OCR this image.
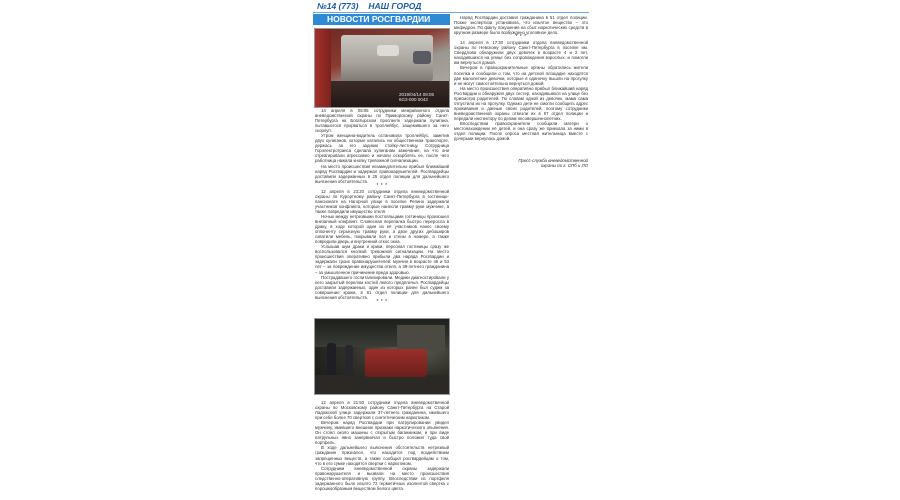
№14 (773) НАШ ГОРОД
НОВОСТИ РОСГВАРДИИ
2019/04/14 08:05
6G3-000 0043

14 апреля в 08:05 сотрудники межрайонного отдела вневедомственной охраны по Приморскому району Санкт-Петербурга на Богатырском проспекте задержали хулигана, пытавшегося прорваться в троллейбус, защемившего за него скорлуп.

Утром женщина-водитель остановила троллейбус, заметив двух хулиганов, которые катались на общественном транспорте, держась за его заднюю стойку-лестницу. Сотрудница Горэлектротранса сделала хулиганам замечание, на что они отреагировали агрессивно и начали оскорблять ее, после чего работница нажала кнопку тревожной сигнализации.

На место происшествия незамедлительно прибыл ближайший наряд Росгвардии и задержал правонарушителей. Росгвардейцы доставили задержанных в 25 отдел полиции для дальнейшего выяснения обстоятельств.

* * *

12 апреля в 23:20 сотрудники отдела вневедомственной охраны по Курортному району Санкт-Петербурга в гостинице-пансионате на Нагорной улице в поселке Репино задержали участников конфликта, которые нанесли травму руки мужчине, а также повредили имущество отеля.

Ночью между нетрезвыми постояльцами гостиницы произошел внезапный конфликт. Словесная перепалка быстро переросла в драку, в ходе которой один из её участников нанес своему оппоненту серьезную травму руки, а двое других дебоширов схватили мебель, покрывали пол и стены в номере, а также повредили дверь и внутренний откос окна.

Услышав шум драки и крики, персонал гостиницы сразу же воспользовался кнопкой тревожной сигнализации. На место происшествия оперативно прибыли два наряда Росгвардии и задержали троих правонарушителей: мужчин в возрасте 46 и 53 лет – за повреждение имущества отеля, а 39-летнего гражданина – за умышленное причинение вреда здоровью.

Пострадавшего госпитализировали. Медики диагностировали у него закрытый перелом костей левого предплечья. Росгвардейцы доставили задержанных, один из которых ранее был судим за совершение кражи, в 81 отдел полиции для дальнейшего выяснения обстоятельств.

* * *

12 апреля в 21:50 сотрудники отдела вневедомственной охраны по Московскому району Санкт-Петербурга на Старой Ладожской улице задержали 37-летнего гражданина, имевшего при себе более 70 свертков с синтетическим наркотиком.

Вечером наряд Росгвардии при патрулировании увидел мужчину, имевшего внешние признаки наркотического опьянения. Он стоял около машины с открытым багажником, и при виде патрульных явно занервничал и быстро положил туда свой портфель.

В ходе дальнейшего выяснения обстоятельств нетрезвый гражданин признался, что находится под воздействием запрещенных веществ, а также сообщил росгвардейцам о том, что в его сумке находятся свертки с наркотиком.

Сотрудники вневедомственной охраны задержали правонарушителя и вызвали на место происшествия следственно-оперативную группу. Впоследствии из портфеля задержанного было изъято 72 герметичных изолентой свертка с порошкообразным веществом белого цвета.

Наряд Росгвардии доставил гражданина в 51 отдел полиции. Позже экспертиза установила, что изъятое вещество – это мефедрон. По факту покушения на сбыт наркотических средств в крупном размере было возбуждено уголовное дело.

* * *

14 апреля в 17:30 сотрудники отдела вневедомственной охраны по Невскому району Санкт-Петербурга в поселке им. Свердлова обнаружили двух девочек в возрасте 4 и 2 лет, находившихся на улице без сопровождения взрослых, и помогли им вернуться домой.

Вечером в правоохранительные органы обратились жители поселка и сообщили о том, что на детской площадке находятся две малолетние девочки, которые в одиночку вышли на прогулку и не могут самостоятельно вернуться домой.

На место происшествия оперативно прибыл ближайший наряд Росгвардии и обнаружил двух сестер, находившихся на улице без присмотра родителей. По словам одной из девочек, мама сама отпустила их на прогулку. Однако дети не смогли сообщить адрес проживания и данные своих родителей, поэтому сотрудники вневедомственной охраны отвезли их в 97 отдел полиции и передали инспектору по делам несовершеннолетних.

Впоследствии правоохранители сообщили матери о местонахождении её детей, и она сразу же приехала за ними в отдел полиции. После опроса местная жительница вместе с дочерьми вернулась домой.

Пресс-служба вневедомственной
охраны по г. СПб и ЛО
